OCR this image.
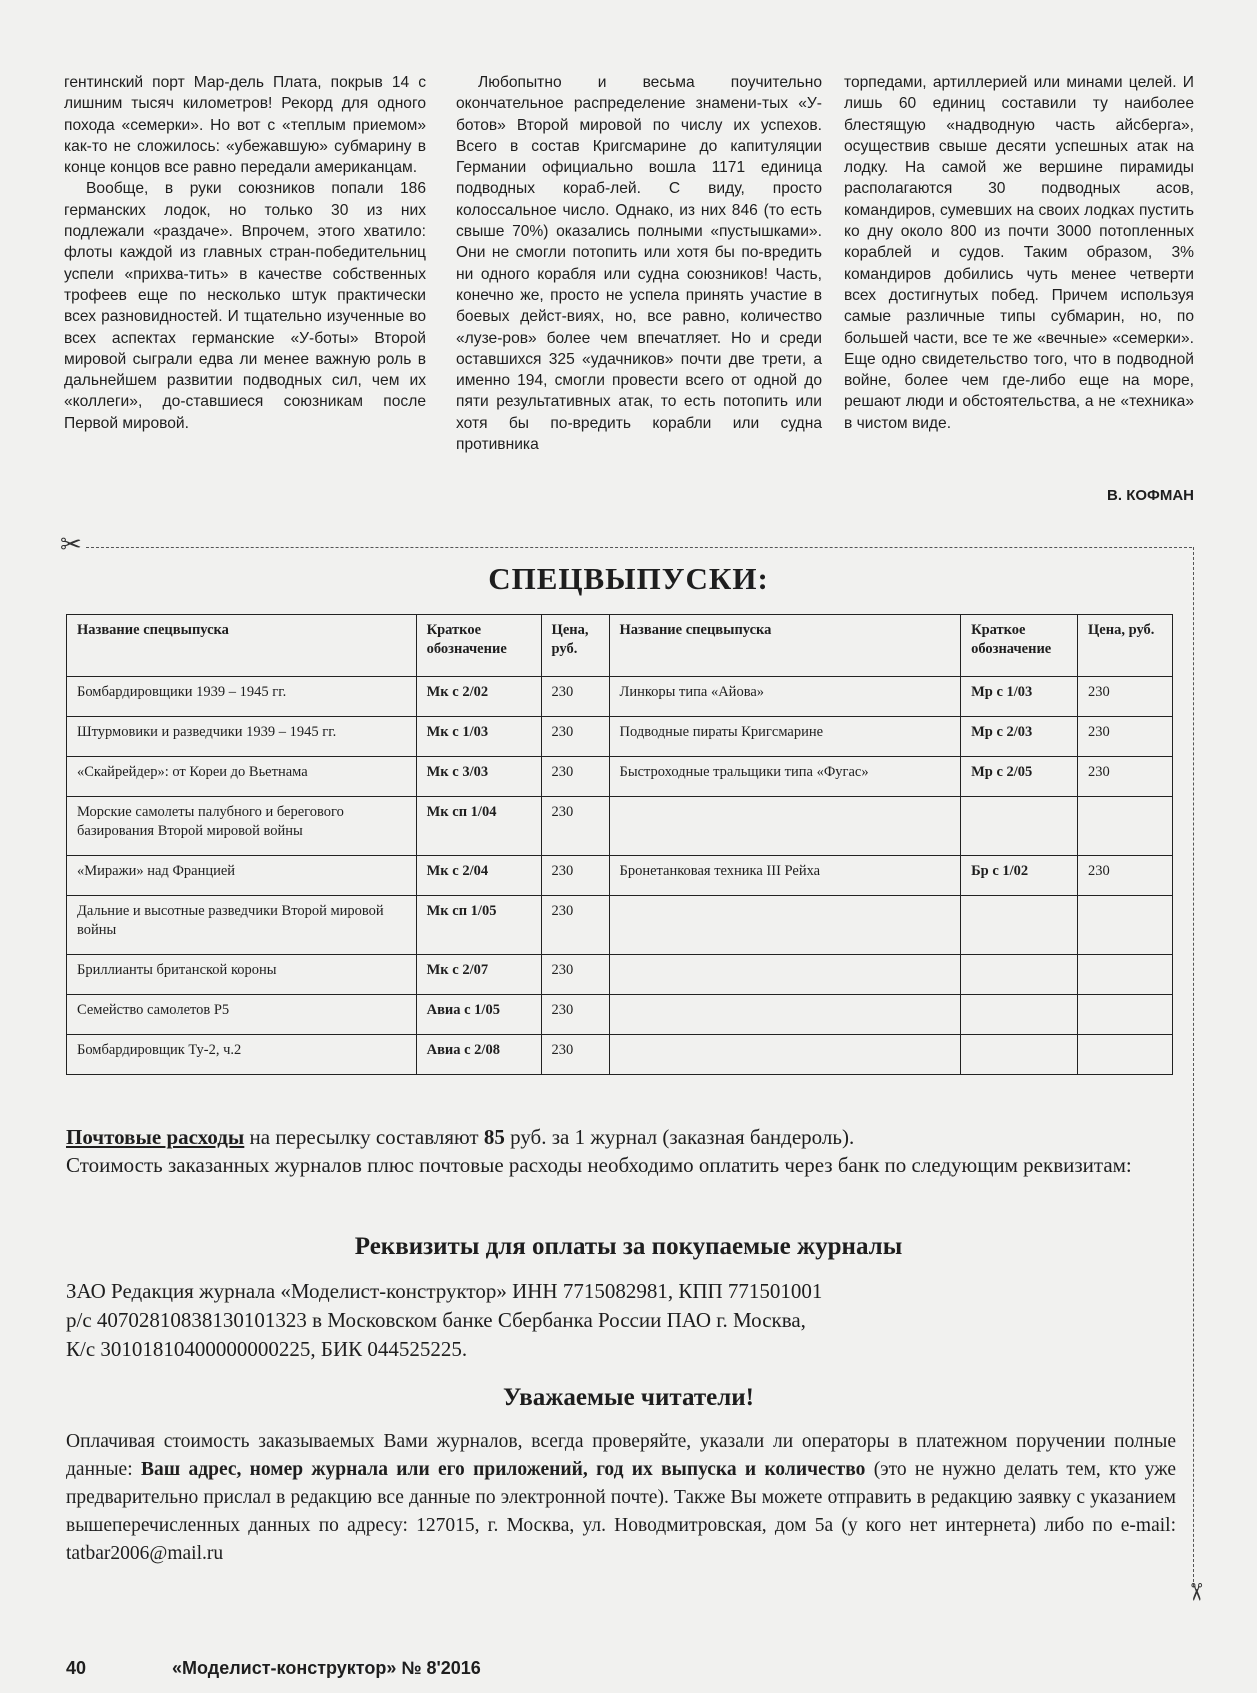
гентинский порт Мар-дель Плата, покрыв 14 с лишним тысяч километров! Рекорд для одного похода «семерки». Но вот с «теплым приемом» как-то не сложилось: «убежавшую» субмарину в конце концов все равно передали американцам.

Вообще, в руки союзников попали 186 германских лодок, но только 30 из них подлежали «раздаче». Впрочем, этого хватило: флоты каждой из главных стран-победительниц успели «прихва-тить» в качестве собственных трофеев еще по несколько штук практически всех разновидностей. И тщательно изученные во всех аспектах германские «У-боты» Второй мировой сыграли едва ли менее важную роль в дальнейшем развитии подводных сил, чем их «коллеги», до-ставшиеся союзникам после Первой мировой.

Любопытно и весьма поучительно окончательное распределение знамени-тых «У-ботов» Второй мировой по числу их успехов. Всего в состав Кригсмарине до капитуляции Германии официально вошла 1171 единица подводных кораб-лей. С виду, просто колоссальное число. Однако, из них 846 (то есть свыше 70%) оказались полными «пустышками». Они не смогли потопить или хотя бы по-вредить ни одного корабля или судна союзников! Часть, конечно же, просто не успела принять участие в боевых дейст-виях, но, все равно, количество «лузе-ров» более чем впечатляет. Но и среди оставшихся 325 «удачников» почти две трети, а именно 194, смогли провести всего от одной до пяти результативных атак, то есть потопить или хотя бы по-вредить корабли или судна противника

торпедами, артиллерией или минами целей. И лишь 60 единиц составили ту наиболее блестящую «надводную часть айсберга», осуществив свыше десяти успешных атак на лодку. На самой же вершине пирамиды располагаются 30 подводных асов, командиров, сумевших на своих лодках пустить ко дну около 800 из почти 3000 потопленных кораблей и судов. Таким образом, 3% командиров добились чуть менее четверти всех достигнутых побед. Причем используя самые различные типы субмарин, но, по большей части, все те же «вечные» «семерки». Еще одно свидетельство того, что в подводной войне, более чем где-либо еще на море, решают люди и обстоятельства, а не «техника» в чистом виде.

В. КОФМАН
✂
✂
СПЕЦВЫПУСКИ:
Название спецвыпуска	Краткое обозначение	Цена, руб.	Название спецвыпуска	Краткое обозначение	Цена, руб.
Бомбардировщики 1939 – 1945 гг.	Мк с 2/02	230	Линкоры типа «Айова»	Мр с 1/03	230
Штурмовики и разведчики 1939 – 1945 гг.	Мк с 1/03	230	Подводные пираты Кригсмарине	Мр с 2/03	230
«Скайрейдер»: от Кореи до Вьетнама	Мк с 3/03	230	Быстроходные тральщики типа «Фугас»	Мр с 2/05	230
Морские самолеты палубного и берегового базирования Второй мировой войны	Мк сп 1/04	230			
«Миражи» над Францией	Мк с 2/04	230	Бронетанковая техника III Рейха	Бр с 1/02	230
Дальние и высотные разведчики Второй мировой войны	Мк сп 1/05	230			
Бриллианты британской короны	Мк с 2/07	230			
Семейство самолетов Р5	Авиа с 1/05	230			
Бомбардировщик Ту-2, ч.2	Авиа с 2/08	230			
Почтовые расходы на пересылку составляют 85 руб. за 1 журнал (заказная бандероль).
Стоимость заказанных журналов плюс почтовые расходы необходимо оплатить через банк по следующим реквизитам:
Реквизиты для оплаты за покупаемые журналы
ЗАО Редакция журнала «Моделист-конструктор» ИНН 7715082981, КПП 771501001
р/с 40702810838130101323 в Московском банке Сбербанка России ПАО г. Москва,
К/с 30101810400000000225, БИК 044525225.
Уважаемые читатели!
Оплачивая стоимость заказываемых Вами журналов, всегда проверяйте, указали ли операторы в платежном поручении полные данные: Ваш адрес, номер журнала или его приложений, год их выпуска и количество (это не нужно делать тем, кто уже предварительно прислал в редакцию все данные по электронной почте). Также Вы можете отправить в редакцию заявку с указанием вышеперечисленных данных по адресу: 127015, г. Москва, ул. Новодмитровская, дом 5а (у кого нет интернета) либо по e-mail: tatbar2006@mail.ru
40	«Моделист-конструктор» № 8'2016
